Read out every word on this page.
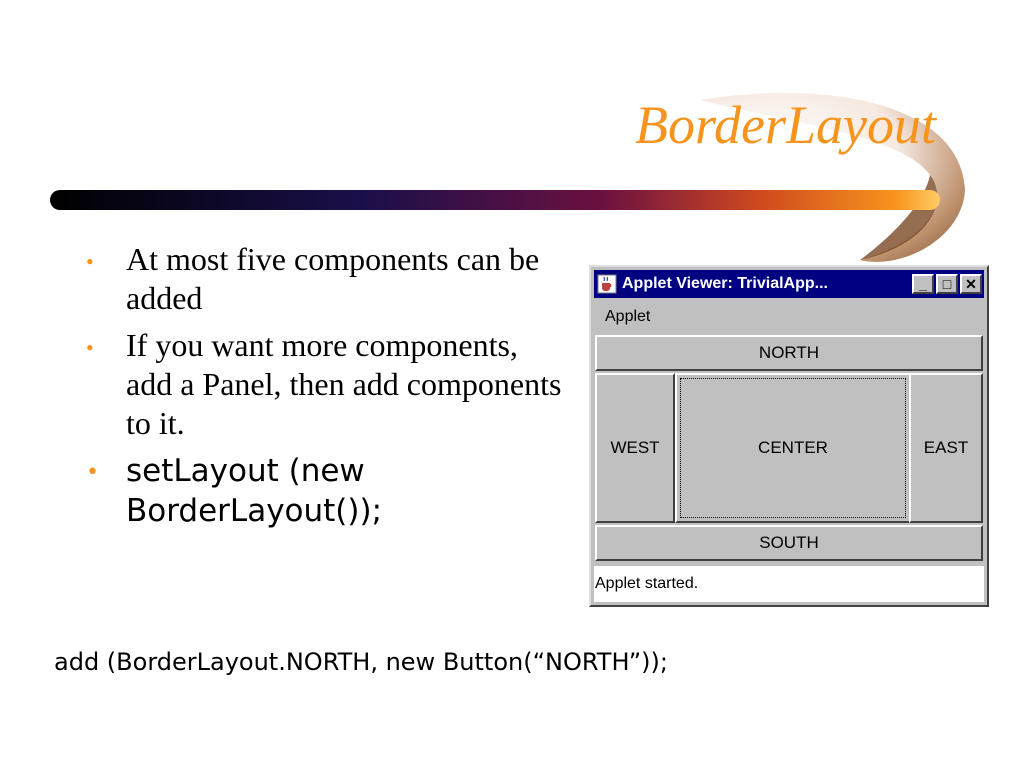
BorderLayout
• At most five components can be added
• If you want more components, add a Panel, then add components to it.
• setLayout (new BorderLayout());

add (BorderLayout.NORTH, new Button(“NORTH”));

Applet Viewer: TrivialApp...	_	□ ✕
Applet
NORTH
WEST	CENTER	EAST
SOUTH
Applet started.
